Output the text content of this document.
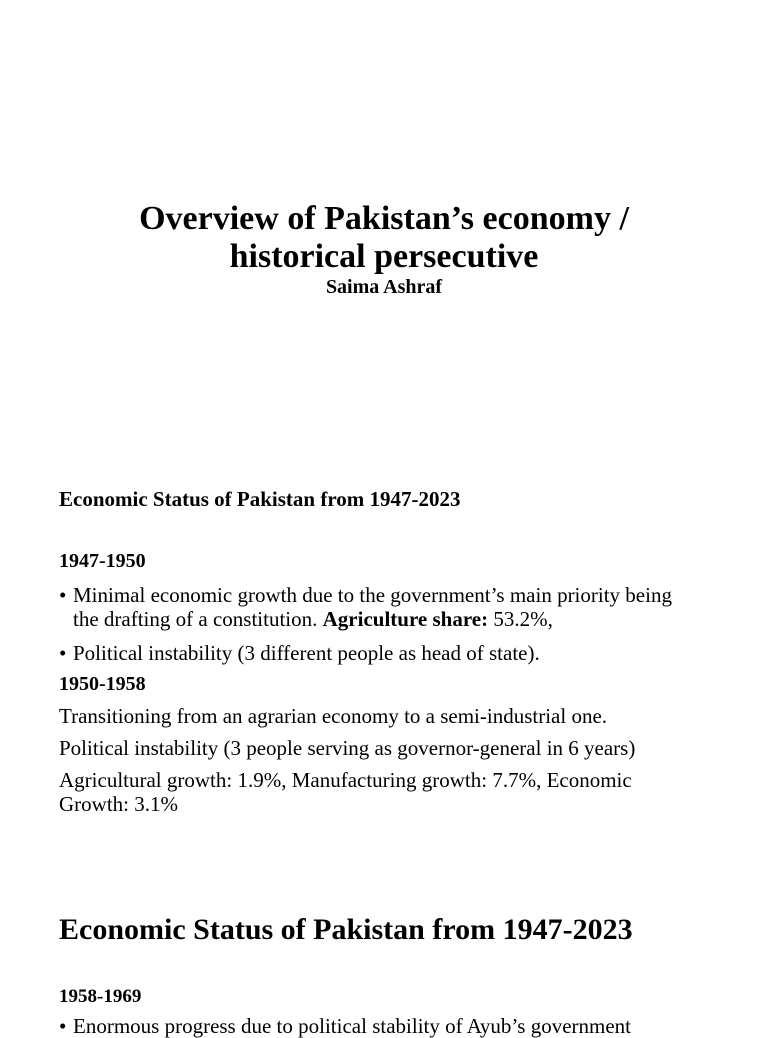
Overview of Pakistan’s economy /
historical persecutive
Saima Ashraf
Economic Status of Pakistan from 1947-2023
1947-1950
• Minimal economic growth due to the government’s main priority being the drafting of a constitution. Agriculture share: 53.2%,
• Political instability (3 different people as head of state).
1950-1958

Transitioning from an agrarian economy to a semi-industrial one.

Political instability (3 people serving as governor-general in 6 years)

Agricultural growth: 1.9%, Manufacturing growth: 7.7%, Economic Growth: 3.1%

Economic Status of Pakistan from 1947-2023
1958-1969
• Enormous progress due to political stability of Ayub’s government
